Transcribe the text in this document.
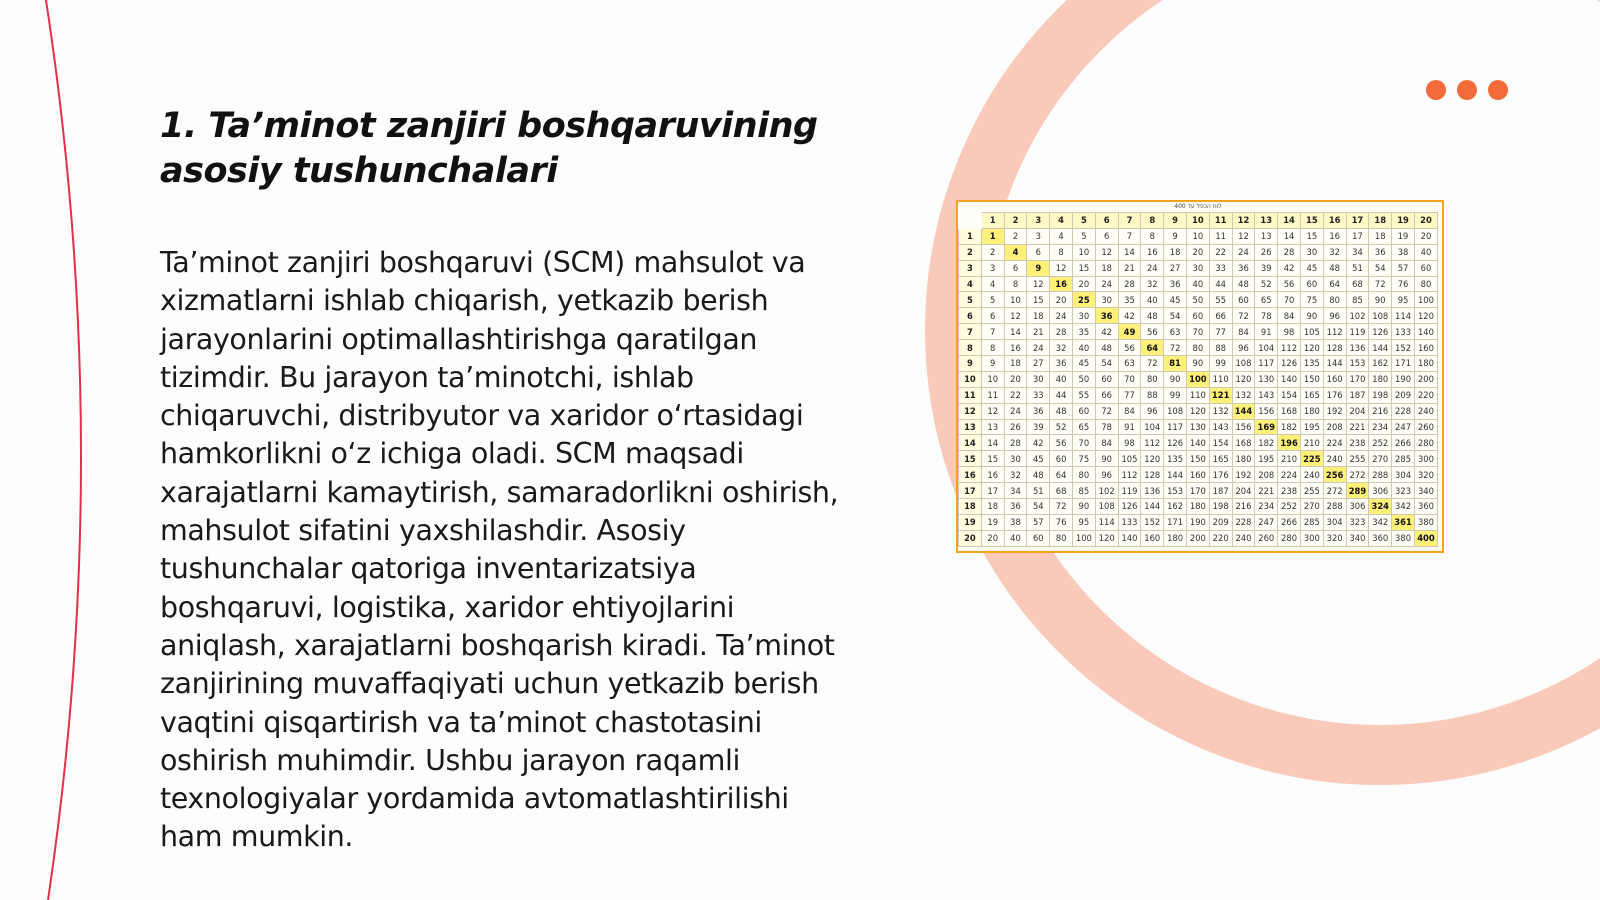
1. Ta’minot zanjiri boshqaruvining asosiy tushunchalari

Ta’minot zanjiri boshqaruvi (SCM) mahsulot va xizmatlarni ishlab chiqarish, yetkazib berish jarayonlarini optimallashtirishga qaratilgan tizimdir. Bu jarayon ta’minotchi, ishlab chiqaruvchi, distribyutor va xaridor o‘rtasidagi hamkorlikni o‘z ichiga oladi. SCM maqsadi xarajatlarni kamaytirish, samaradorlikni oshirish, mahsulot sifatini yaxshilashdir. Asosiy tushunchalar qatoriga inventarizatsiya boshqaruvi, logistika, xaridor ehtiyojlarini aniqlash, xarajatlarni boshqarish kiradi. Ta’minot zanjirining muvaffaqiyati uchun yetkazib berish vaqtini qisqartirish va ta’minot chastotasini oshirish muhimdir. Ushbu jarayon raqamli texnologiyalar yordamida avtomatlashtirilishi ham mumkin.

לוח הכפל עד 400
	1	2	3	4	5	6	7	8	9	10	11	12	13	14	15	16	17	18	19	20
1	1	2	3	4	5	6	7	8	9	10	11	12	13	14	15	16	17	18	19	20
2	2	4	6	8	10	12	14	16	18	20	22	24	26	28	30	32	34	36	38	40
3	3	6	9	12	15	18	21	24	27	30	33	36	39	42	45	48	51	54	57	60
4	4	8	12	16	20	24	28	32	36	40	44	48	52	56	60	64	68	72	76	80
5	5	10	15	20	25	30	35	40	45	50	55	60	65	70	75	80	85	90	95	100
6	6	12	18	24	30	36	42	48	54	60	66	72	78	84	90	96	102	108	114	120
7	7	14	21	28	35	42	49	56	63	70	77	84	91	98	105	112	119	126	133	140
8	8	16	24	32	40	48	56	64	72	80	88	96	104	112	120	128	136	144	152	160
9	9	18	27	36	45	54	63	72	81	90	99	108	117	126	135	144	153	162	171	180
10	10	20	30	40	50	60	70	80	90	100	110	120	130	140	150	160	170	180	190	200
11	11	22	33	44	55	66	77	88	99	110	121	132	143	154	165	176	187	198	209	220
12	12	24	36	48	60	72	84	96	108	120	132	144	156	168	180	192	204	216	228	240
13	13	26	39	52	65	78	91	104	117	130	143	156	169	182	195	208	221	234	247	260
14	14	28	42	56	70	84	98	112	126	140	154	168	182	196	210	224	238	252	266	280
15	15	30	45	60	75	90	105	120	135	150	165	180	195	210	225	240	255	270	285	300
16	16	32	48	64	80	96	112	128	144	160	176	192	208	224	240	256	272	288	304	320
17	17	34	51	68	85	102	119	136	153	170	187	204	221	238	255	272	289	306	323	340
18	18	36	54	72	90	108	126	144	162	180	198	216	234	252	270	288	306	324	342	360
19	19	38	57	76	95	114	133	152	171	190	209	228	247	266	285	304	323	342	361	380
20	20	40	60	80	100	120	140	160	180	200	220	240	260	280	300	320	340	360	380	400
